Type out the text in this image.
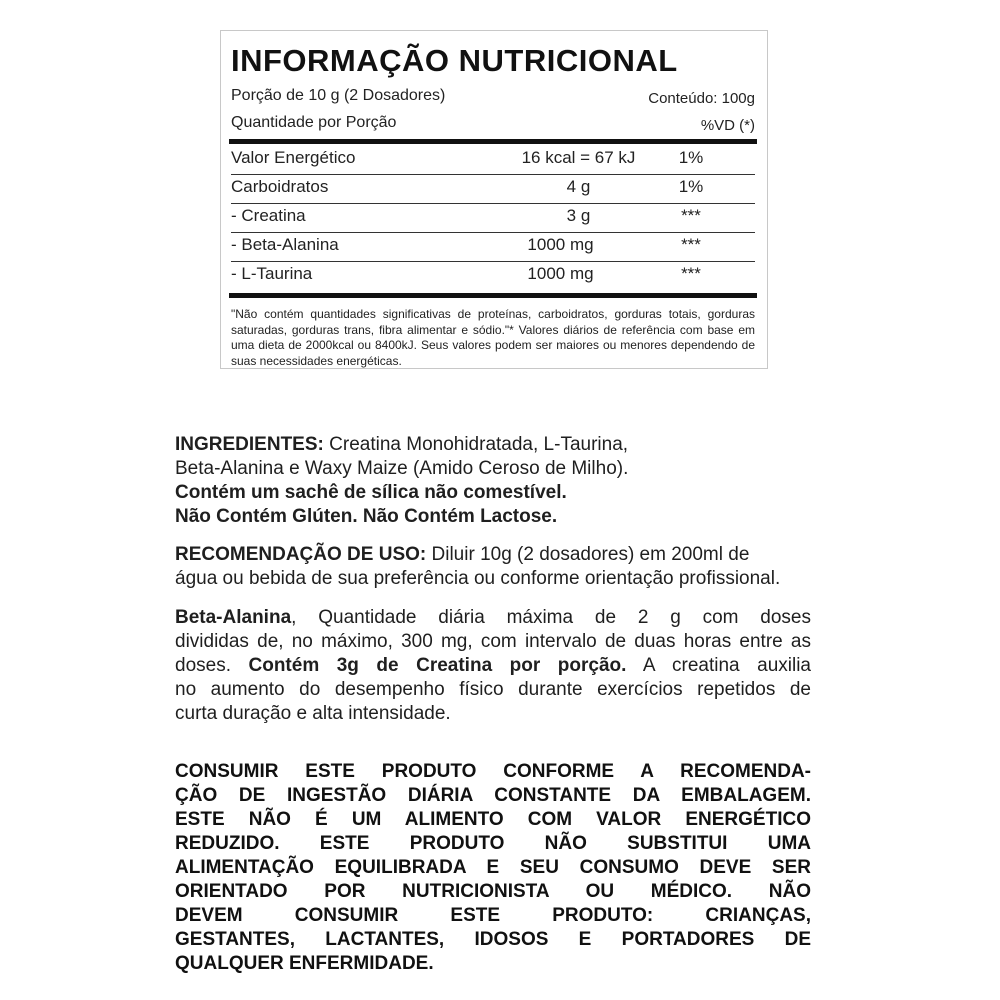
INFORMAÇÃO NUTRICIONAL
Porção de 10 g (2 Dosadores)	Conteúdo: 100g
Quantidade por Porção	%VD (*)
Valor Energético	16 kcal = 67 kJ	1%
Carboidratos	4 g	1%
- Creatina	3 g	***
- Beta-Alanina	1000 mg	***
- L-Taurina	1000 mg	***

"Não contém quantidades significativas de proteínas, carboidratos, gorduras totais, gorduras saturadas, gorduras trans, fibra alimentar e sódio."* Valores diários de referência com base em uma dieta de 2000kcal ou 8400kJ. Seus valores podem ser maiores ou menores dependendo de suas necessidades energéticas.

INGREDIENTES: Creatina Monohidratada, L-Taurina,

Beta-Alanina e Waxy Maize (Amido Ceroso de Milho).

Contém um sachê de sílica não comestível.

Não Contém Glúten. Não Contém Lactose.

RECOMENDAÇÃO DE USO: Diluir 10g (2 dosadores) em 200ml de

água ou bebida de sua preferência ou conforme orientação profissional.

Beta-Alanina, Quantidade diária máxima de 2 g com doses

divididas de, no máximo, 300 mg, com intervalo de duas horas entre as

doses. Contém 3g de Creatina por porção. A creatina auxilia

no aumento do desempenho físico durante exercícios repetidos de

curta duração e alta intensidade.

CONSUMIR ESTE PRODUTO CONFORME A RECOMENDA-
ÇÃO DE INGESTÃO DIÁRIA CONSTANTE DA EMBALAGEM.
ESTE NÃO É UM ALIMENTO COM VALOR ENERGÉTICO
REDUZIDO. ESTE PRODUTO NÃO SUBSTITUI UMA
ALIMENTAÇÃO EQUILIBRADA E SEU CONSUMO DEVE SER
ORIENTADO POR NUTRICIONISTA OU MÉDICO. NÃO
DEVEM CONSUMIR ESTE PRODUTO: CRIANÇAS,
GESTANTES, LACTANTES, IDOSOS E PORTADORES DE
QUALQUER ENFERMIDADE.
